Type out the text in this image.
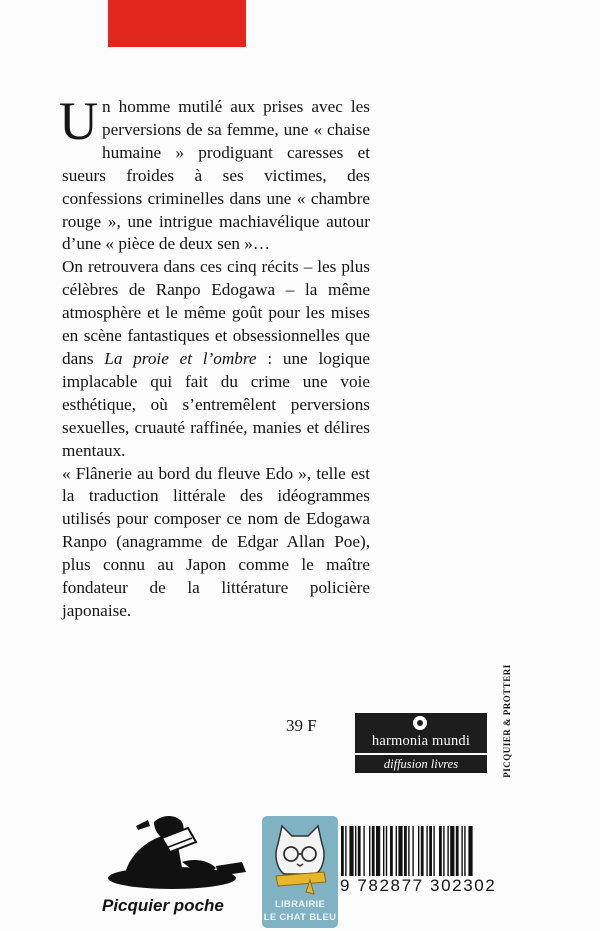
Un homme mutilé aux prises avec les perversions de sa femme, une « chaise humaine » prodiguant caresses et sueurs froides à ses victimes, des confessions criminelles dans une « chambre rouge », une intrigue machiavélique autour d’une « pièce de deux sen »…

On retrouvera dans ces cinq récits – les plus célèbres de Ranpo Edogawa – la même atmosphère et le même goût pour les mises en scène fantastiques et obsessionnelles que dans La proie et l’ombre : une logique implacable qui fait du crime une voie esthétique, où s’entremêlent perversions sexuelles, cruauté raffinée, manies et délires mentaux.

« Flânerie au bord du fleuve Edo », telle est la traduction littérale des idéogrammes utilisés pour composer ce nom de Edogawa Ranpo (anagramme de Edgar Allan Poe), plus connu au Japon comme le maître fondateur de la littérature policière japonaise.

39 F
harmonia mundi
diffusion livres	PICQUIER & PROTTERI
Picquier poche	LIBRAIRIE
LE CHAT BLEU
9 782877 302302
